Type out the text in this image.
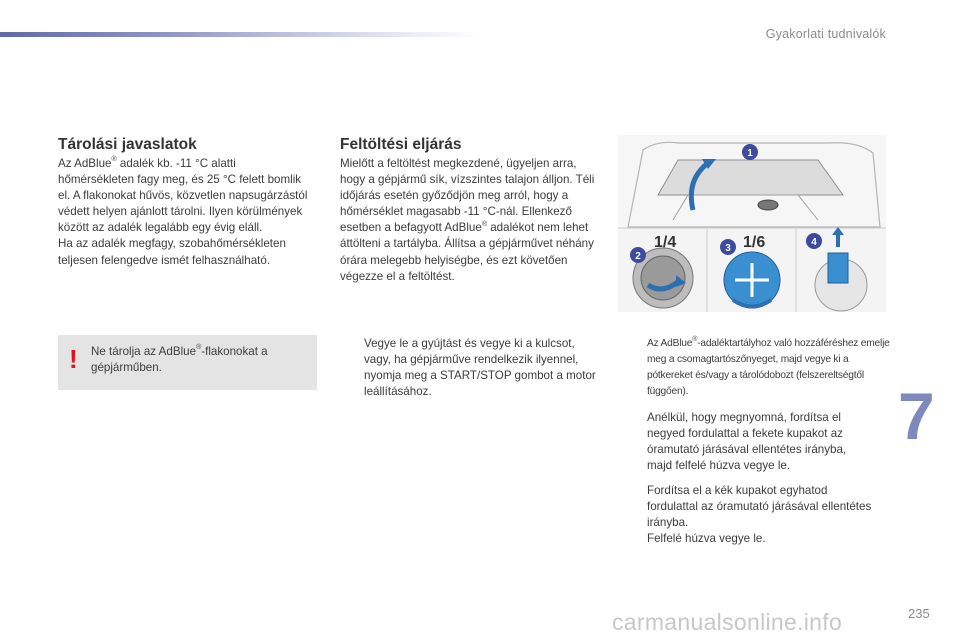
Gyakorlati tudnivalók
Tárolási javaslatok

Az AdBlue® adalék kb. -11 °C alatti hőmérsékleten fagy meg, és 25 °C felett bomlik el. A flakonokat hűvös, közvetlen napsugárzástól védett helyen ajánlott tárolni. Ilyen körülmények között az adalék legalább egy évig eláll.

Ha az adalék megfagy, szobahőmérsékleten teljesen felengedve ismét felhasználható.

! Ne tárolja az AdBlue®-flakonokat a gépjárműben.
Feltöltési eljárás

Mielőtt a feltöltést megkezdené, ügyeljen arra, hogy a gépjármű sík, vízszintes talajon álljon. Téli időjárás esetén győződjön meg arról, hogy a hőmérséklet magasabb -11 °C-nál. Ellenkező esetben a befagyott AdBlue® adalékot nem lehet áttölteni a tartályba. Állítsa a gépjárművet néhány órára melegebb helyiségbe, és ezt követően végezze el a feltöltést.

Vegye le a gyújtást és vegye ki a kulcsot, vagy, ha gépjárműve rendelkezik ilyennel, nyomja meg a START/STOP gombot a motor leállításához.
1
1/4
2
1/6
3
4
Az AdBlue®-adaléktartályhoz való hozzáféréshez emelje meg a csomagtartószőnyeget, majd vegye ki a pótkereket és/vagy a tárolódobozt (felszereltségtől függően).
Anélkül, hogy megnyomná, fordítsa el negyed fordulattal a fekete kupakot az óramutató járásával ellentétes irányba, majd felfelé húzva vegye le.
Fordítsa el a kék kupakot egyhatod fordulattal az óramutató járásával ellentétes irányba.
Felfelé húzva vegye le.
7
carmanualsonline.info	235
